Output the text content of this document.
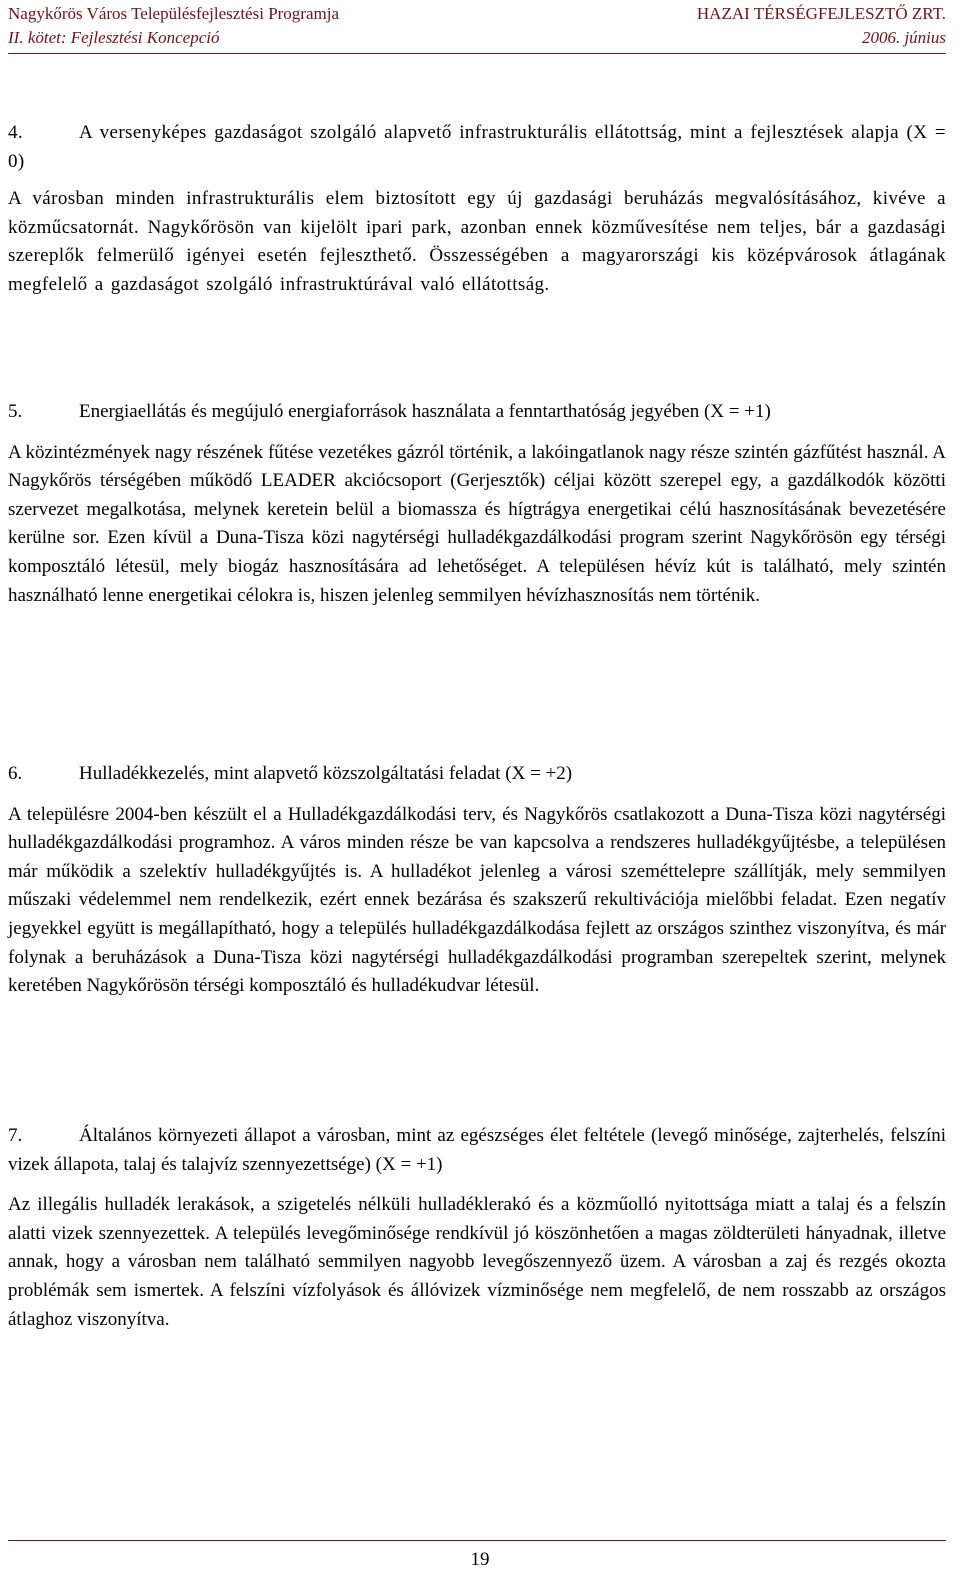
Nagykőrös Város Településfejlesztési Programja	HAZAI TÉRSÉGFEJLESZTŐ ZRT.
II. kötet: Fejlesztési Koncepció	2006. június

4.	A versenyképes gazdaságot szolgáló alapvető infrastrukturális ellátottság, mint a fejlesztések alapja (X = 0)

A városban minden infrastrukturális elem biztosított egy új gazdasági beruházás megvalósításához, kivéve a közműcsatornát. Nagykőrösön van kijelölt ipari park, azonban ennek közművesítése nem teljes, bár a gazdasági szereplők felmerülő igényei esetén fejleszthető. Összességében a magyarországi kis középvárosok átlagának megfelelő a gazdaságot szolgáló infrastruktúrával való ellátottság.

5.	Energiaellátás és megújuló energiaforrások használata a fenntarthatóság jegyében (X = +1)

A közintézmények nagy részének fűtése vezetékes gázról történik, a lakóingatlanok nagy része szintén gázfűtést használ. A Nagykőrös térségében működő LEADER akciócsoport (Gerjesztők) céljai között szerepel egy, a gazdálkodók közötti szervezet megalkotása, melynek keretein belül a biomassza és hígtrágya energetikai célú hasznosításának bevezetésére kerülne sor. Ezen kívül a Duna-Tisza közi nagytérségi hulladékgazdálkodási program szerint Nagykőrösön egy térségi komposztáló létesül, mely biogáz hasznosítására ad lehetőséget. A településen hévíz kút is található, mely szintén használható lenne energetikai célokra is, hiszen jelenleg semmilyen hévízhasznosítás nem történik.

6.	Hulladékkezelés, mint alapvető közszolgáltatási feladat (X = +2)

A településre 2004-ben készült el a Hulladékgazdálkodási terv, és Nagykőrös csatlakozott a Duna-Tisza közi nagytérségi hulladékgazdálkodási programhoz. A város minden része be van kapcsolva a rendszeres hulladékgyűjtésbe, a településen már működik a szelektív hulladékgyűjtés is. A hulladékot jelenleg a városi szeméttelepre szállítják, mely semmilyen műszaki védelemmel nem rendelkezik, ezért ennek bezárása és szakszerű rekultivációja mielőbbi feladat. Ezen negatív jegyekkel együtt is megállapítható, hogy a település hulladékgazdálkodása fejlett az országos szinthez viszonyítva, és már folynak a beruházások a Duna-Tisza közi nagytérségi hulladékgazdálkodási programban szerepeltek szerint, melynek keretében Nagykőrösön térségi komposztáló és hulladékudvar létesül.

7.	Általános környezeti állapot a városban, mint az egészséges élet feltétele (levegő minősége, zajterhelés, felszíni vizek állapota, talaj és talajvíz szennyezettsége) (X = +1)

Az illegális hulladék lerakások, a szigetelés nélküli hulladéklerakó és a közműolló nyitottsága miatt a talaj és a felszín alatti vizek szennyezettek. A település levegőminősége rendkívül jó köszönhetően a magas zöldterületi hányadnak, illetve annak, hogy a városban nem található semmilyen nagyobb levegőszennyező üzem. A városban a zaj és rezgés okozta problémák sem ismertek. A felszíni vízfolyások és állóvizek vízminősége nem megfelelő, de nem rosszabb az országos átlaghoz viszonyítva.

19
